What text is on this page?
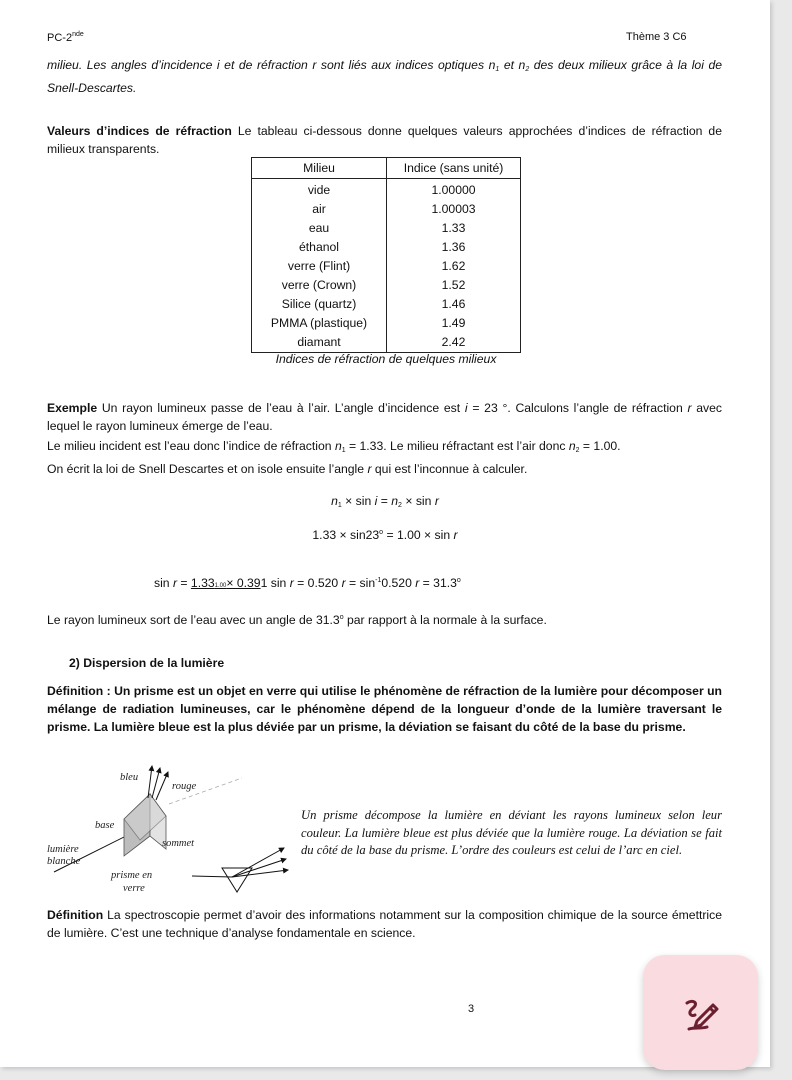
PC-2nde	Thème 3 C6
milieu. Les angles d’incidence i et de réfraction r sont liés aux indices optiques $n_1$ et $n_2$ des deux milieux grâce à la loi de Snell-Descartes.
Valeurs d’indices de réfraction Le tableau ci-dessous donne quelques valeurs approchées d’indices de réfraction de milieux transparents.
Milieu	Indice (sans unité)
vide	1.00000
air	1.00003
eau	1.33
éthanol	1.36
verre (Flint)	1.62
verre (Crown)	1.52
Silice (quartz)	1.46
PMMA (plastique)	1.49
diamant	2.42
Indices de réfraction de quelques milieux
Exemple Un rayon lumineux passe de l’eau à l’air. L’angle d’incidence est i = 23 °. Calculons l’angle de réfraction r avec lequel le rayon lumineux émerge de l’eau.
Le milieu incident est l’eau donc l’indice de réfraction $n_1 = 1.33$. Le milieu réfractant est l’air donc $n_2 = 1.00$.
On écrit la loi de Snell Descartes et on isole ensuite l’angle r qui est l’inconnue à calculer.
$n_1 \times \sin i = n_2 \times \sin r$
$1.33 \times \sin 23^o = 1.00 \times \sin r$
sin r = 1.331.00× 0.391 sin r = 0.520 $r = \sin^{-1}0.520$ $r = 31.3^o$
Le rayon lumineux sort de l’eau avec un angle de 31.3$^o$ par rapport à la normale à la surface.
2) Dispersion de la lumière
Définition : Un prisme est un objet en verre qui utilise le phénomène de réfraction de la lumière pour décomposer un mélange de radiation lumineuses, car le phénomène dépend de la longueur d’onde de la lumière traversant le prisme. La lumière bleue est la plus déviée par un prisme, la déviation se faisant du côté de la base du prisme.
bleu
rouge
base
sommet
lumière
blanche
prisme en
verre
Un prisme décompose la lumière en déviant les rayons lumineux selon leur couleur. La lumière bleue est plus déviée que la lumière rouge. La déviation se fait du côté de la base du prisme. L’ordre des couleurs est celui de l’arc en ciel.
Définition La spectroscopie permet d’avoir des informations notamment sur la composition chimique de la source émettrice de lumière. C’est une technique d’analyse fondamentale en science.
3
